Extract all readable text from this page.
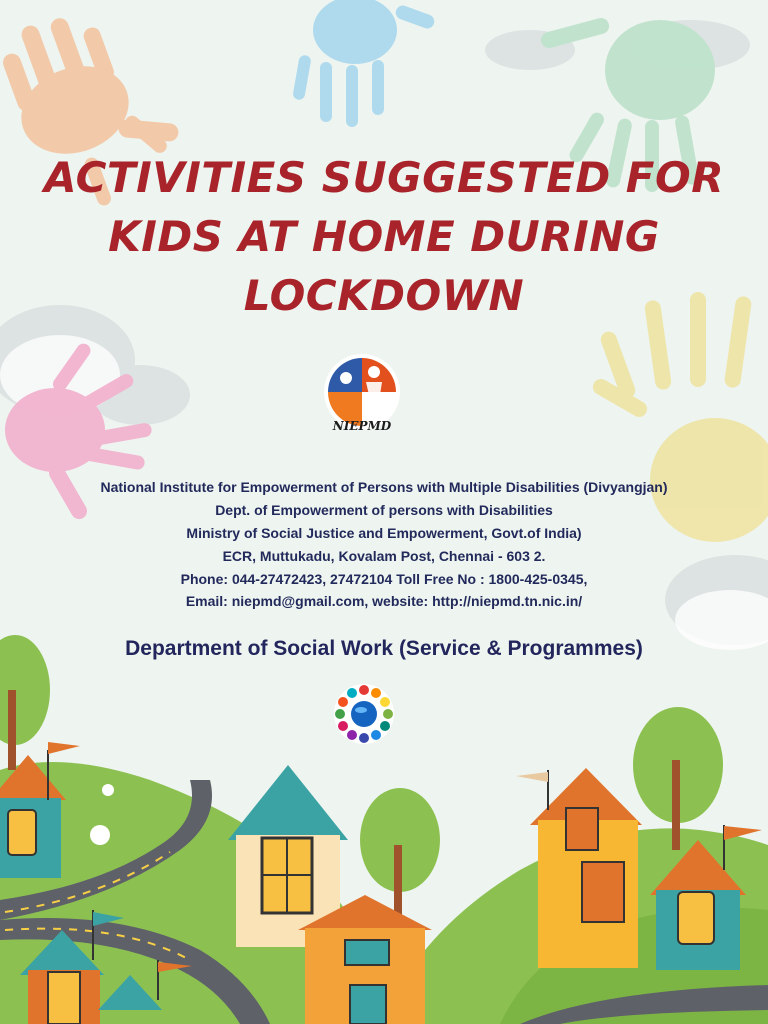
ACTIVITIES SUGGESTED FOR
KIDS AT HOME DURING
LOCKDOWN
NIEPMD
National Institute for Empowerment of Persons with Multiple Disabilities (Divyangjan)
Dept. of Empowerment of persons with Disabilities
Ministry of Social Justice and Empowerment, Govt.of India)
ECR, Muttukadu, Kovalam Post, Chennai - 603 2.
Phone: 044-27472423, 27472104 Toll Free No : 1800-425-0345,
Email: niepmd@gmail.com, website: http://niepmd.tn.nic.in/

Department of Social Work (Service & Programmes)
